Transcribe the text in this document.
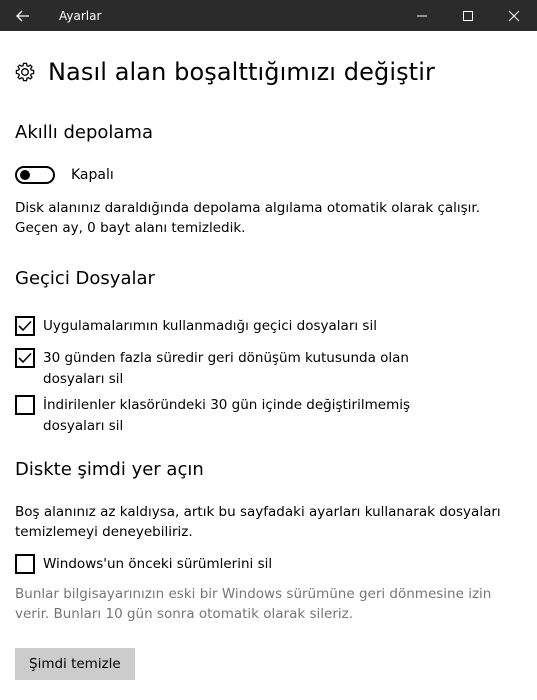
Ayarlar
Nasıl alan boşalttığımızı değiştir
Akıllı depolama
Kapalı
Disk alanınız daraldığında depolama algılama otomatik olarak çalışır. Geçen ay, 0 bayt alanı temizledik.
Geçici Dosyalar
Uygulamalarımın kullanmadığı geçici dosyaları sil
30 günden fazla süredir geri dönüşüm kutusunda olan dosyaları sil
İndirilenler klasöründeki 30 gün içinde değiştirilmemiş dosyaları sil
Diskte şimdi yer açın
Boş alanınız az kaldıysa, artık bu sayfadaki ayarları kullanarak dosyaları temizlemeyi deneyebiliriz.
Windows'un önceki sürümlerini sil
Bunlar bilgisayarınızın eski bir Windows sürümüne geri dönmesine izin verir. Bunları 10 gün sonra otomatik olarak sileriz.
Şimdi temizle
